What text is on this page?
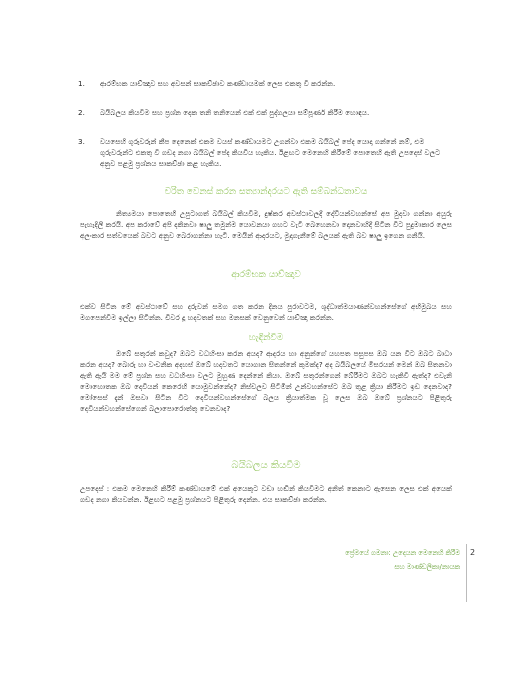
1. ආරම්භක යාච්ඤාව සහ අවසන් සාකච්ඡාව කණ්ඩායමක් ලෙස එකතු වී කරන්න.
2. බයිබලය කියවීම සහ ප්‍රශ්න දෙක තනි තනියෙන් එක් එක් පුද්ගලයා සම්පූර්ණ කිරීම හොඳය.
3. වයසෙහි ගුරුවරුන් කීප දෙනෙක් එකම වයස් කණ්ඩායමට උගන්වා එකම බයිබල් පේද යොදා ගන්නේ නම්, එම ගුරුවරුන්ට එකතු වී ගඩද නගා බයිබල් පේද කියවිය හැකිය. ඊළඟට මෙනෙහි කිරීමේ පොතෙහි ඇති උපදෙස් වලට අනුව පළමු ප්‍රශ්නය සාකච්ඡා කළ හැකිය.
චරිත වෙනස් කරන සත්‍යාන්දරයට ඇති සම්බන්ධතාවය

නිත්‍යමයා පොතෙහි උපුටාගත් බයිබල් කියවීම, දුෂ්කර අවස්ථාවලදී දේවියන්වහන්සේ අප මුදවා ගන්නා අයුරු පැහැදිලි කරයි. අප කරාවේ අපි දකිනවා ෂාලු තමුන්ම යොවනයා ගහට වැටී බෙහෙනවා දොනවාහිදී සිටින විට පුදුමාකාර ලෙස අලංකාර සත්වයෙක් බවට අනුව බෙරාගන්නා හැටි. මෙයින් ආදරයට, මුදාගැනීමේ බලයක් ඇති බව ෂාලු ඉගෙන ගනියි.

ආරම්භක යාච්ඤාව

එක්ව සිටින මේ අවස්ථාවේ සහ දරුවන් සමග ගත කරන දිනය පුරාවටම, ශුද්ධාත්මයාණන්වහන්සේගේ අභිමුඛය සහ මගපෙන්වීම ඉල්ලා සිටින්න. චිවර දූ හදවතක් සහ මනසක් වෙනුවෙන් යාච්ඤා කරන්න.

හැඳින්වීම

ඔබේ සතුරන් කවුද? ඔබට වධහිංසා කරන අයද? ආදරය හා අනුන්ගේ යහපත පසුපස ඔබ යන විට ඔබට බාධා කරන අයද? බොරු හා වංචනික අදහස් ඔබේ හදවතට යොගාන සිතන්නේ කුමක්ද? අද බයිබලයේ මිසරයන් මෙන් ඔබ සිතනවා ඇති ඇයි මම මේ ප්‍රශ්න සහ වධහිංසා වලට මුහුණ දෙන්නේ කියා. ඔබේ සතුරන්ගෙන් බේරීමට ඔබට හැකිවී ඇත්ද? එවැනි මොහොතක ඔබ දෙවියන් කෙරෙහි යොමුවන්නේද? නිස්චලව සිටීමින් උන්වහන්සේට ඔබ තුළ ක්‍රියා කිරීමට ඉඩ දෙනවාද? මෝසෙස් දැන් ඔසවා සිටින විට දෙවියන්වහන්සේගේ බලය ක්‍රියාත්මක වූ ලෙස ඔබ ඔබේ ප්‍රශ්නයට පිළිතුරු දෙවියන්වහන්සේගෙන් බලාපොරොත්තු වෙනවාද?

බයිබලය කියවීම

උපදෙස් : එකම මෙනෙහි කිරීම් කණ්ඩායමේ එක් අයෙකුට වඩා හඬින් කියවීමට අනිත් කෙනාට ඇසෙන ලෙස එක් අයෙක් ගඩද නගා කියවන්න. ඊළඟට පළමු ප්‍රශ්නයට පිළිතුරු දෙන්න. එය සාකච්ඡා කරන්න.

ප්‍රේමයේ ගමනා: උද‍ෙයන මෙනෙහි කිරීම
සහ මාණ්ඩලිකා/නායක
2
